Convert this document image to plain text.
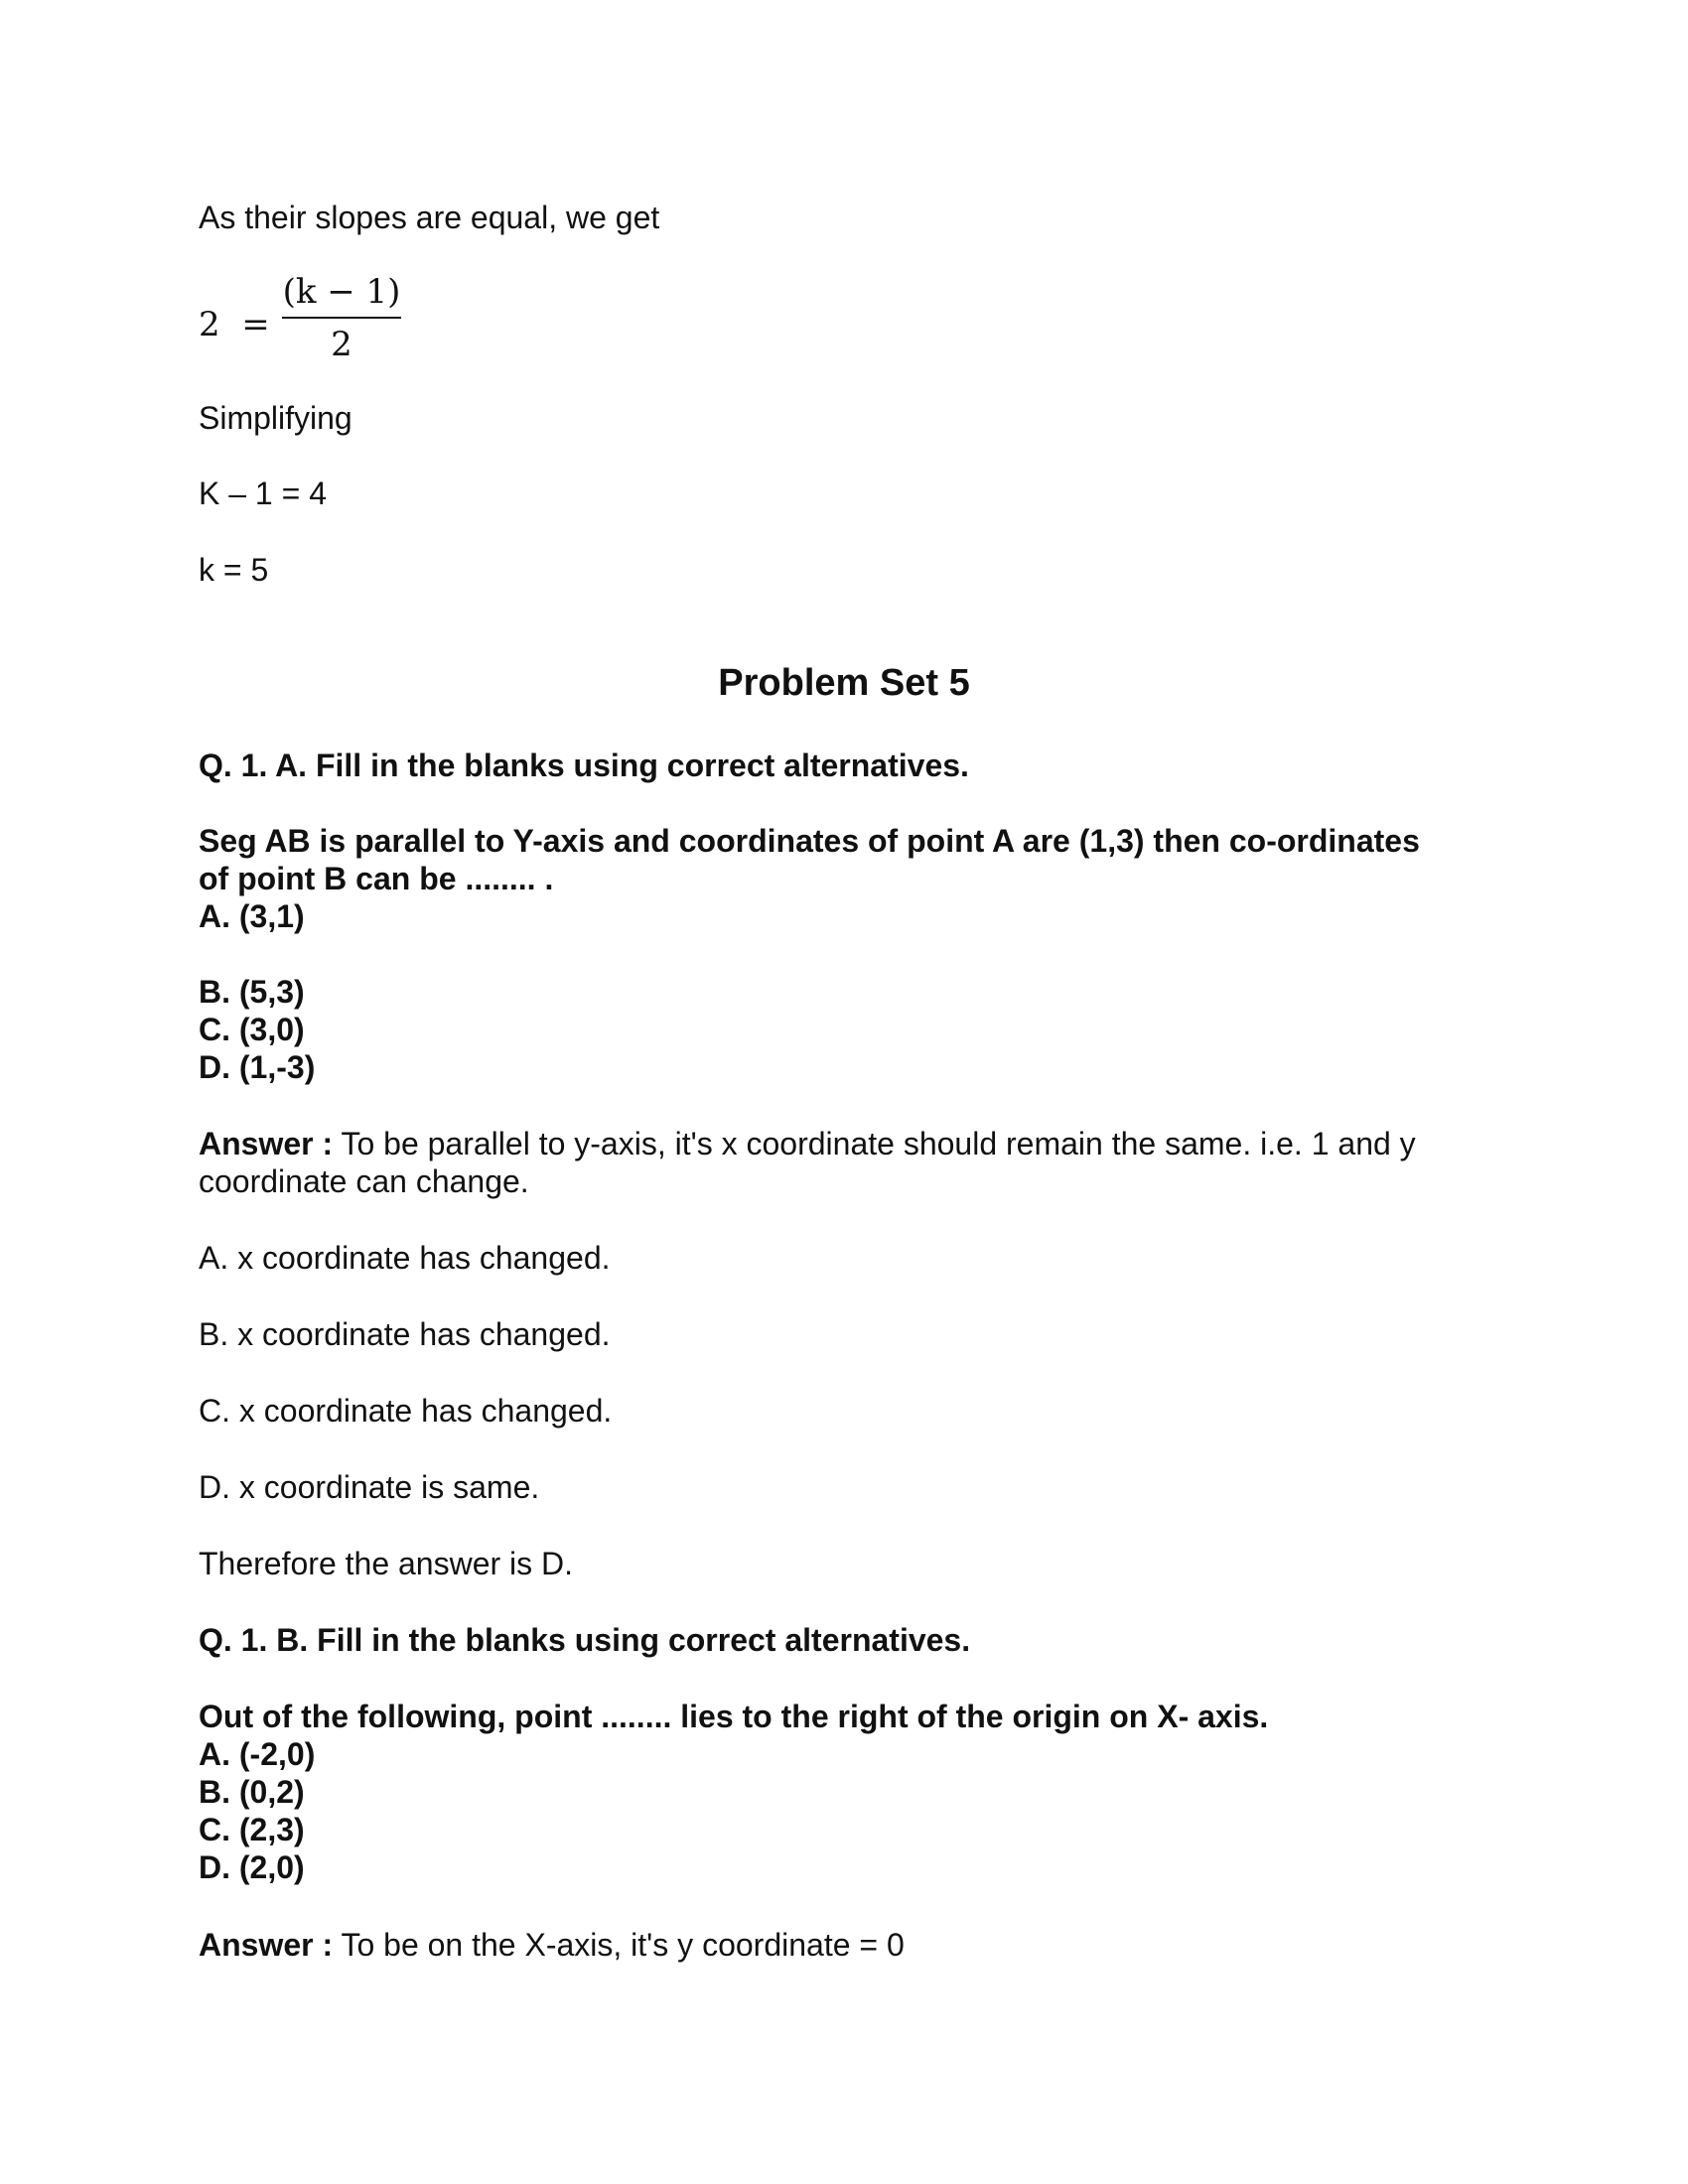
As their slopes are equal, we get
2 =
(k − 1)
2
Simplifying
K – 1 = 4
k = 5
Problem Set 5
Q. 1. A. Fill in the blanks using correct alternatives.
Seg AB is parallel to Y-axis and coordinates of point A are (1,3) then co-ordinates
of point B can be ........ .
A. (3,1)
B. (5,3)
C. (3,0)
D. (1,-3)
Answer : To be parallel to y-axis, it's x coordinate should remain the same. i.e. 1 and y
coordinate can change.
A. x coordinate has changed.
B. x coordinate has changed.
C. x coordinate has changed.
D. x coordinate is same.
Therefore the answer is D.
Q. 1. B. Fill in the blanks using correct alternatives.
Out of the following, point ........ lies to the right of the origin on X- axis.
A. (-2,0)
B. (0,2)
C. (2,3)
D. (2,0)
Answer : To be on the X-axis, it's y coordinate = 0
